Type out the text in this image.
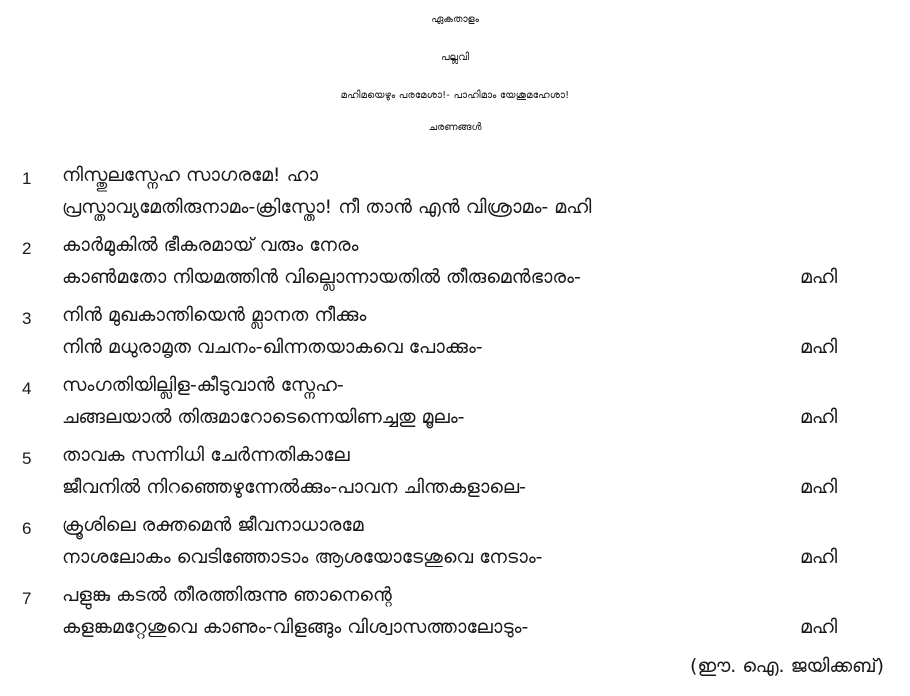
ഏകതാളം
പല്ലവി
മഹിമയെഴും പരമേശാ!- പാഹിമാം യേശുമഹേശാ!
ചരണങ്ങൾ
1 നിസ്തുലസ്നേഹ സാഗരമേ! ഹാ
പ്രസ്താവ്യമേതിരുനാമം-ക്രിസ്തോ! നീ താൻ എൻ വിശ്രാമം- മഹി
2 കാർമുകിൽ ഭീകരമായ് വരും നേരം
കാൺമതോ നിയമത്തിൻ വില്ലൊന്നായതിൽ തീരുമെൻഭാരം-	മഹി
3 നിൻ മുഖകാന്തിയെൻ മ്ലാനത നീക്കും
നിൻ മധുരാമൃത വചനം-ഖിന്നതയാകവെ പോക്കും-	മഹി
4 സംഗതിയില്ലിള-കീടുവാൻ സ്നേഹ-
ചങ്ങലയാൽ തിരുമാറോടെന്നെയിണച്ചതു മൂലം-	മഹി
5 താവക സന്നിധി ചേർന്നതികാലേ
ജീവനിൽ നിറഞ്ഞെഴുന്നേൽക്കും-പാവന ചിന്തകളാലെ-	മഹി
6 ക്രൂശിലെ രക്തമെൻ ജീവനാധാരമേ
നാശലോകം വെടിഞ്ഞോടാം ആശയോടേശുവെ നേടാം-	മഹി
7 പളുങ്കു കടൽ തീരത്തിരുന്നു ഞാനെന്റെ
കളങ്കമറ്റേശുവെ കാണും-വിളങ്ങും വിശ്വാസത്താലോടും-	മഹി
(ഈ. ഐ. ജയിക്കബ്)
